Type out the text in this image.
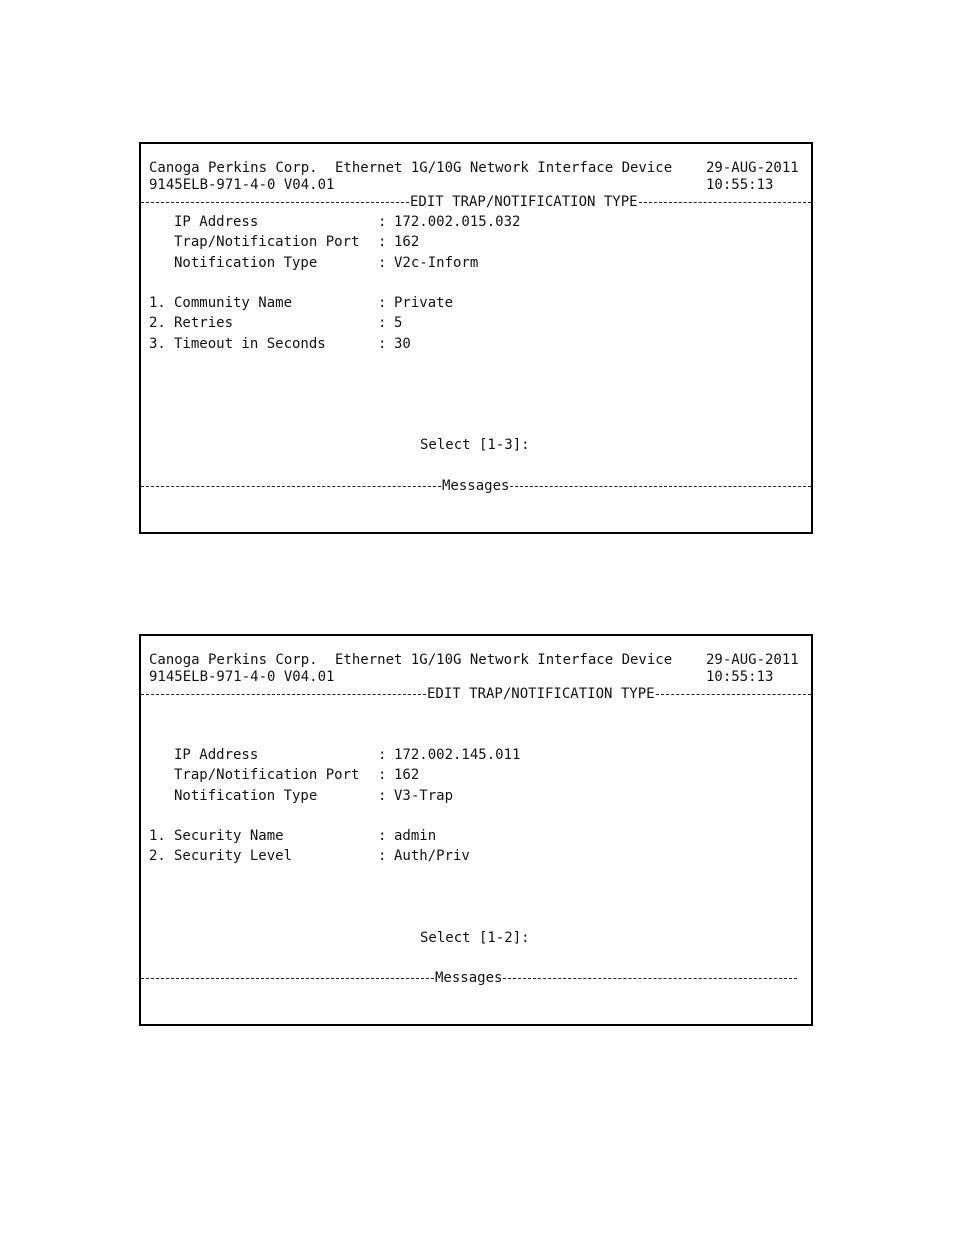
Canoga Perkins Corp. Ethernet 1G/10G Network Interface Device 29-AUG-2011
9145ELB-971-4-0 V04.01	10:55:13
EDIT TRAP/NOTIFICATION TYPE
IP Address	: 172.002.015.032
Trap/Notification Port : 162
Notification Type	: V2c-Inform
1. Community Name	: Private
2. Retries	: 5
3. Timeout in Seconds	: 30
Select [1-3]:
Messages
Canoga Perkins Corp. Ethernet 1G/10G Network Interface Device 29-AUG-2011
9145ELB-971-4-0 V04.01	10:55:13
EDIT TRAP/NOTIFICATION TYPE
IP Address	: 172.002.145.011
Trap/Notification Port : 162
Notification Type	: V3-Trap
1. Security Name	: admin
2. Security Level	: Auth/Priv
Select [1-2]:
Messages
